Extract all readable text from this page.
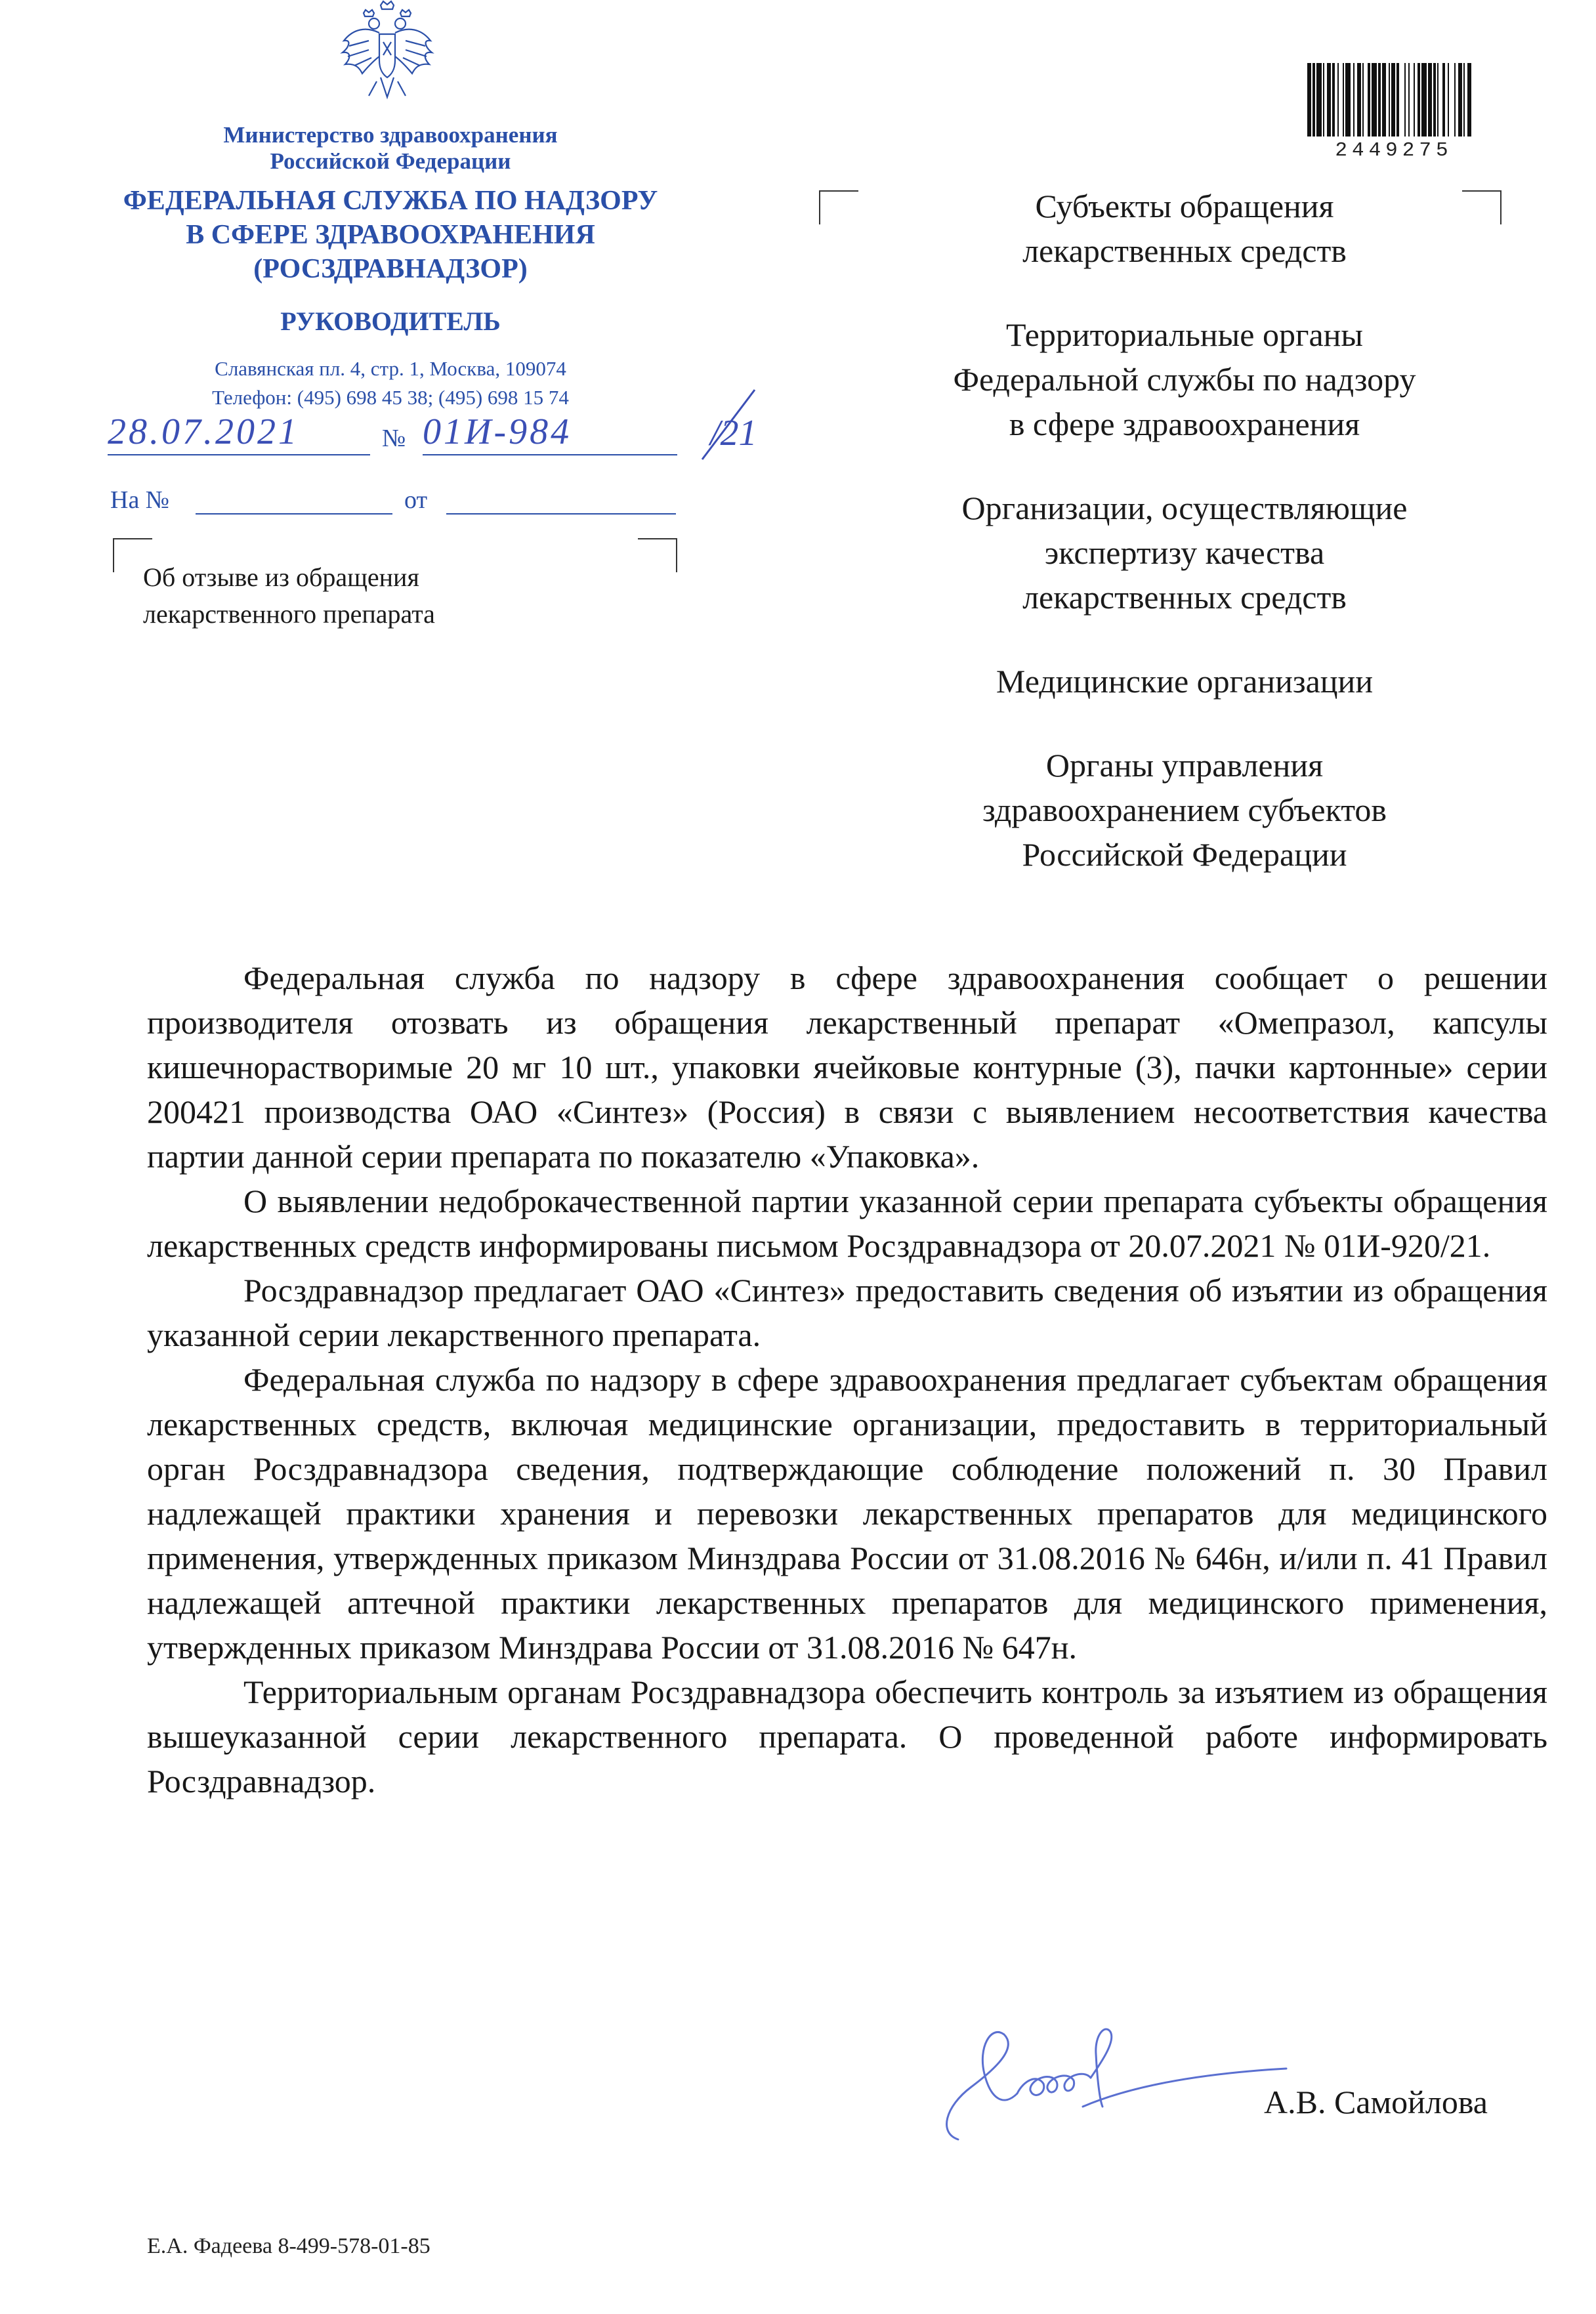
Министерство здравоохранения
Российской Федерации
ФЕДЕРАЛЬНАЯ СЛУЖБА ПО НАДЗОРУ
В СФЕРЕ ЗДРАВООХРАНЕНИЯ
(РОСЗДРАВНАДЗОР)
РУКОВОДИТЕЛЬ
Славянская пл. 4, стр. 1, Москва, 109074
Телефон: (495) 698 45 38; (495) 698 15 74
28.07.2021	№ 01И-984	/21
На №	от
Об отзыве из обращения
лекарственного препарата
2449275
Субъекты обращения
лекарственных средств
Территориальные органы
Федеральной службы по надзору
в сфере здравоохранения
Организации, осуществляющие
экспертизу качества
лекарственных средств
Медицинские организации
Органы управления
здравоохранением субъектов
Российской Федерации

Федеральная служба по надзору в сфере здравоохранения сообщает о решении производителя отозвать из обращения лекарственный препарат «Омепразол, капсулы кишечнорастворимые 20 мг 10 шт., упаковки ячейковые контурные (3), пачки картонные» серии 200421 производства ОАО «Синтез» (Россия) в связи с выявлением несоответствия качества партии данной серии препарата по показателю «Упаковка».

О выявлении недоброкачественной партии указанной серии препарата субъекты обращения лекарственных средств информированы письмом Росздравнадзора от 20.07.2021 № 01И-920/21.

Росздравнадзор предлагает ОАО «Синтез» предоставить сведения об изъятии из обращения указанной серии лекарственного препарата.

Федеральная служба по надзору в сфере здравоохранения предлагает субъектам обращения лекарственных средств, включая медицинские организации, предоставить в территориальный орган Росздравнадзора сведения, подтверждающие соблюдение положений п. 30 Правил надлежащей практики хранения и перевозки лекарственных препаратов для медицинского применения, утвержденных приказом Минздрава России от 31.08.2016 № 646н, и/или п. 41 Правил надлежащей аптечной практики лекарственных препаратов для медицинского применения, утвержденных приказом Минздрава России от 31.08.2016 № 647н.

Территориальным органам Росздравнадзора обеспечить контроль за изъятием из обращения вышеуказанной серии лекарственного препарата. О проведенной работе информировать Росздравнадзор.

А.В. Самойлова
Е.А. Фадеева 8-499-578-01-85
